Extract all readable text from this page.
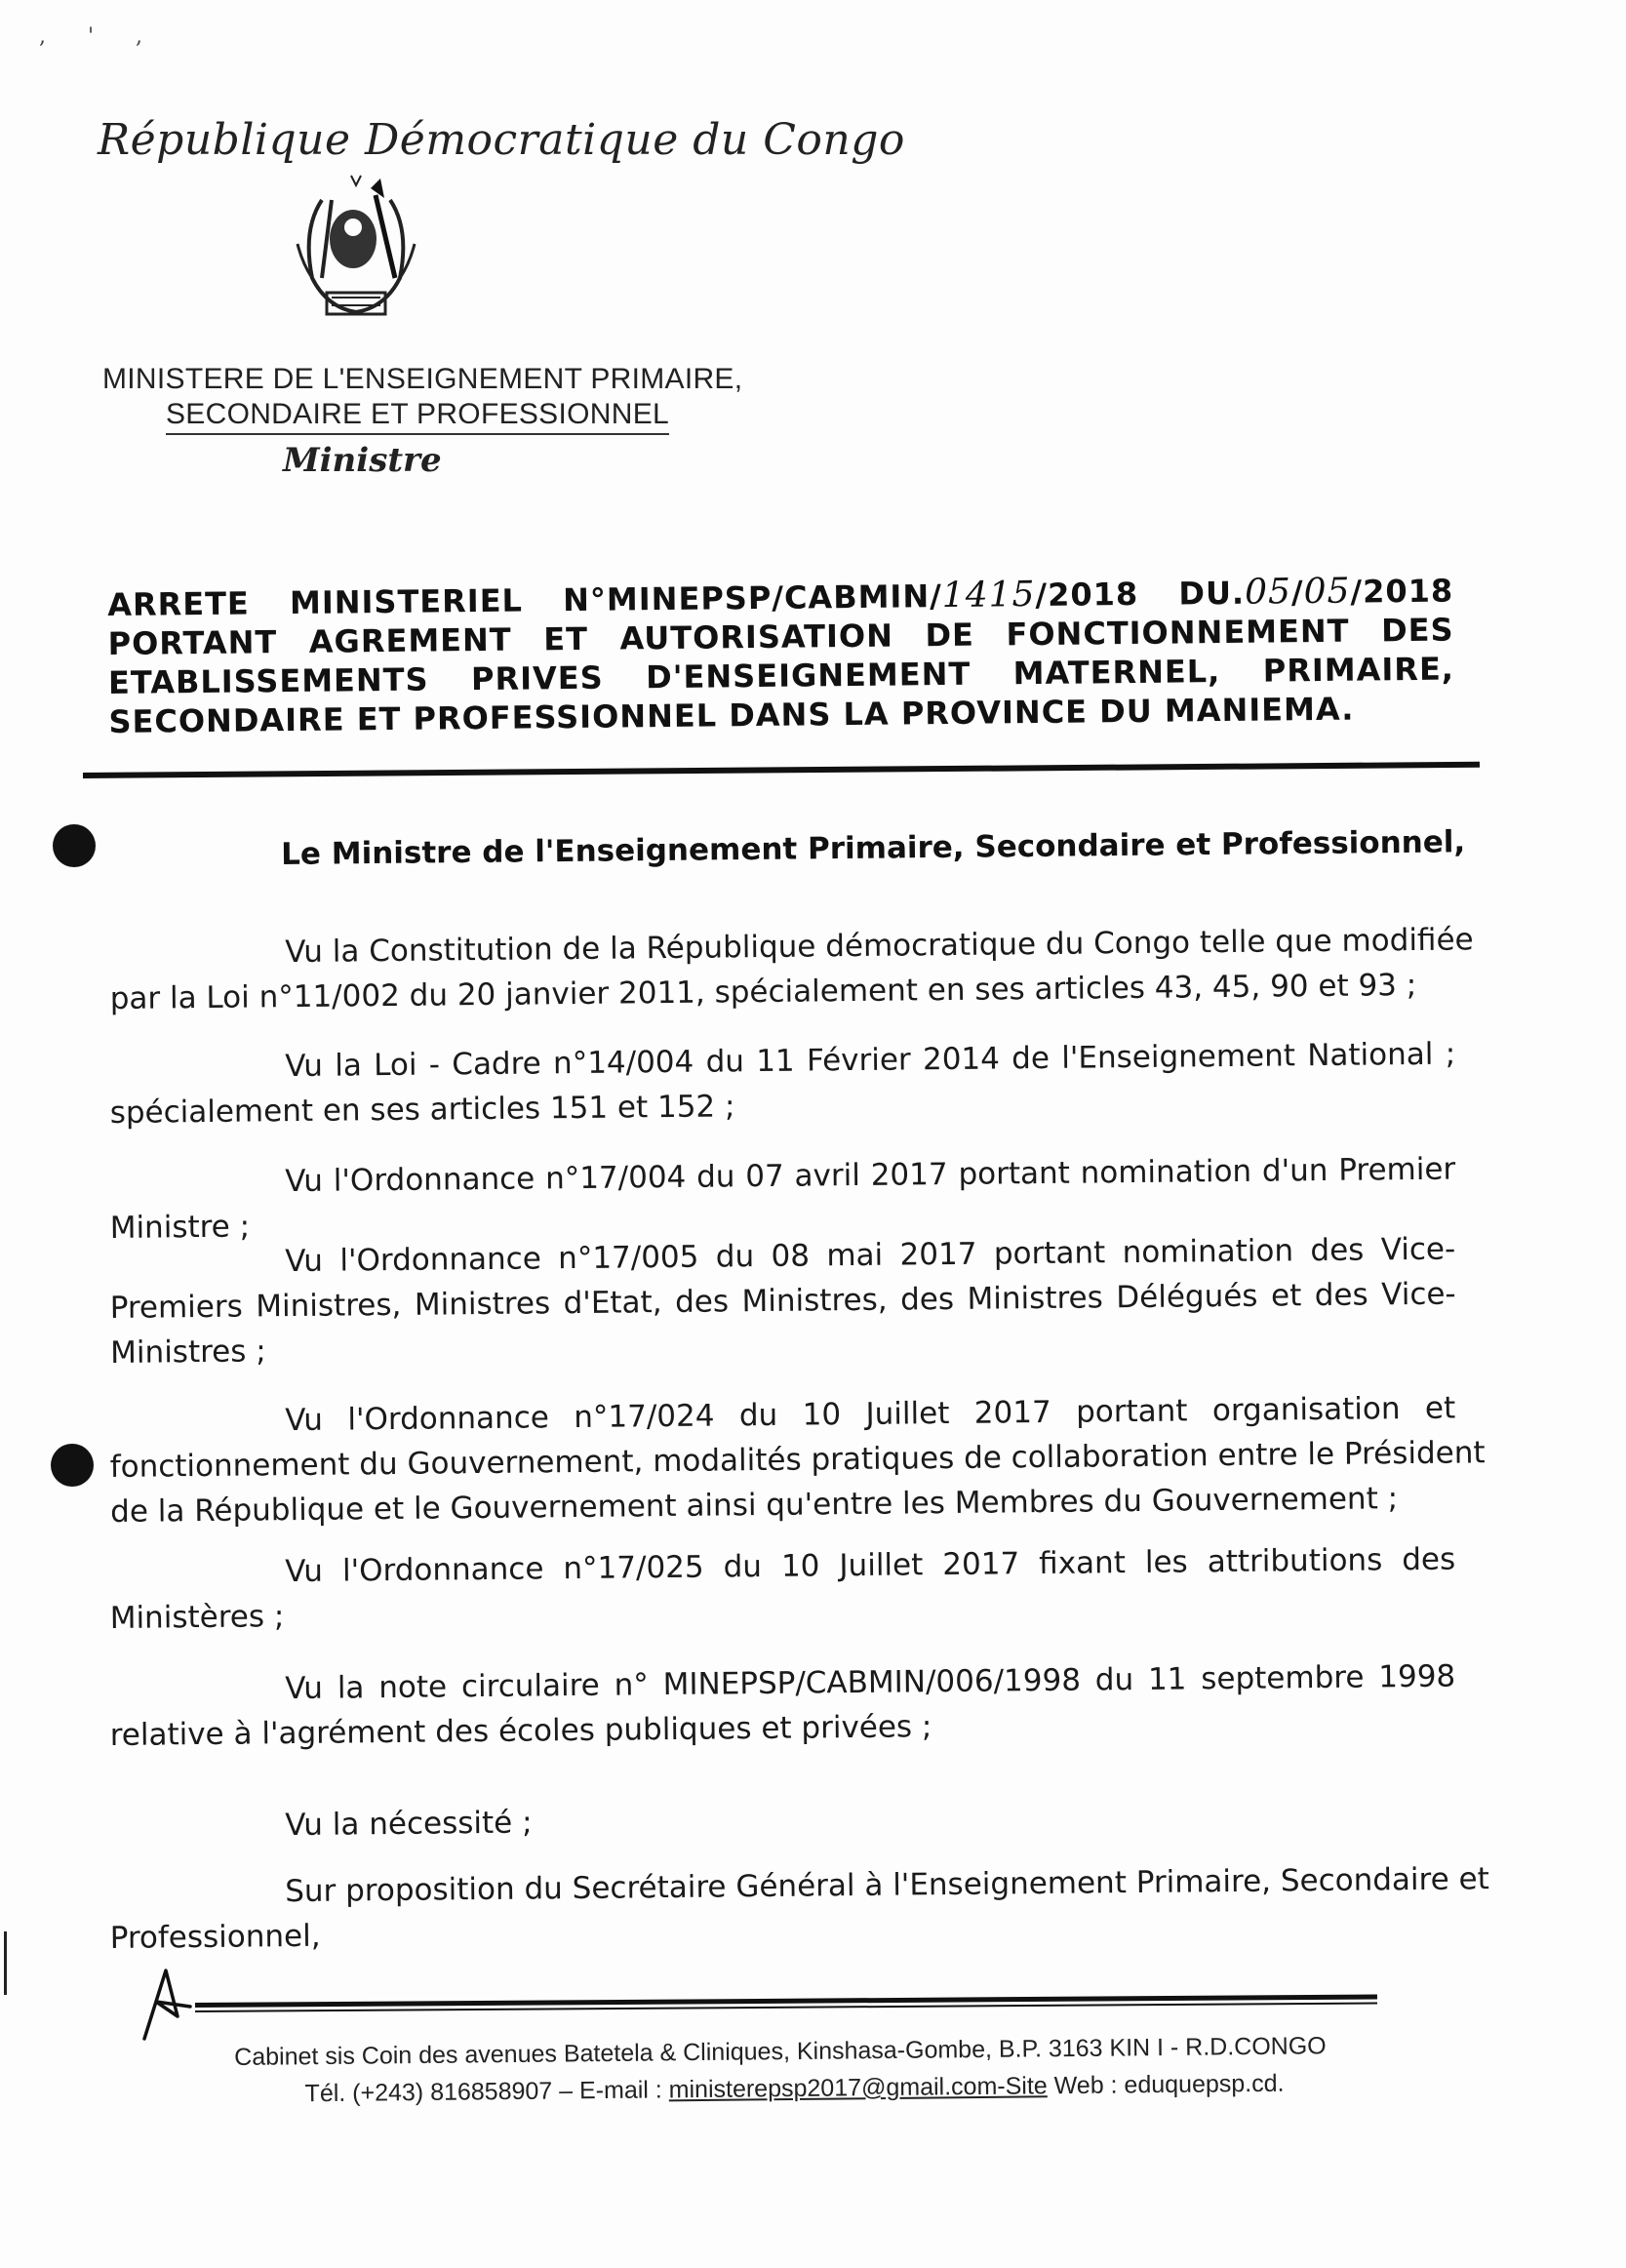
, ' ,
République Démocratique du Congo
MINISTERE DE L'ENSEIGNEMENT PRIMAIRE,
SECONDAIRE ET PROFESSIONNEL
Ministre
ARRETE MINISTERIEL N°MINEPSP/CABMIN/1415/2018 DU.05/05/2018
PORTANT AGREMENT ET AUTORISATION DE FONCTIONNEMENT DES
ETABLISSEMENTS PRIVES D'ENSEIGNEMENT MATERNEL, PRIMAIRE,
SECONDAIRE ET PROFESSIONNEL DANS LA PROVINCE DU MANIEMA.
Le Ministre de l'Enseignement Primaire, Secondaire et Professionnel,
Vu la Constitution de la République démocratique du Congo telle que modifiée
par la Loi n°11/002 du 20 janvier 2011, spécialement en ses articles 43, 45, 90 et 93 ;
Vu la Loi - Cadre n°14/004 du 11 Février 2014 de l'Enseignement National ;
spécialement en ses articles 151 et 152 ;
Vu l'Ordonnance n°17/004 du 07 avril 2017 portant nomination d'un Premier
Ministre ;
Vu l'Ordonnance n°17/005 du 08 mai 2017 portant nomination des Vice-
Premiers Ministres, Ministres d'Etat, des Ministres, des Ministres Délégués et des Vice-
Ministres ;
Vu l'Ordonnance n°17/024 du 10 Juillet 2017 portant organisation et
fonctionnement du Gouvernement, modalités pratiques de collaboration entre le Président
de la République et le Gouvernement ainsi qu'entre les Membres du Gouvernement ;
Vu l'Ordonnance n°17/025 du 10 Juillet 2017 fixant les attributions des
Ministères ;
Vu la note circulaire n° MINEPSP/CABMIN/006/1998 du 11 septembre 1998
relative à l'agrément des écoles publiques et privées ;
Vu la nécessité ;
Sur proposition du Secrétaire Général à l'Enseignement Primaire, Secondaire et
Professionnel,
Cabinet sis Coin des avenues Batetela & Cliniques, Kinshasa-Gombe, B.P. 3163 KIN I - R.D.CONGO
Tél. (+243) 816858907 – E-mail : ministerepsp2017@gmail.com-Site Web : eduquepsp.cd.
